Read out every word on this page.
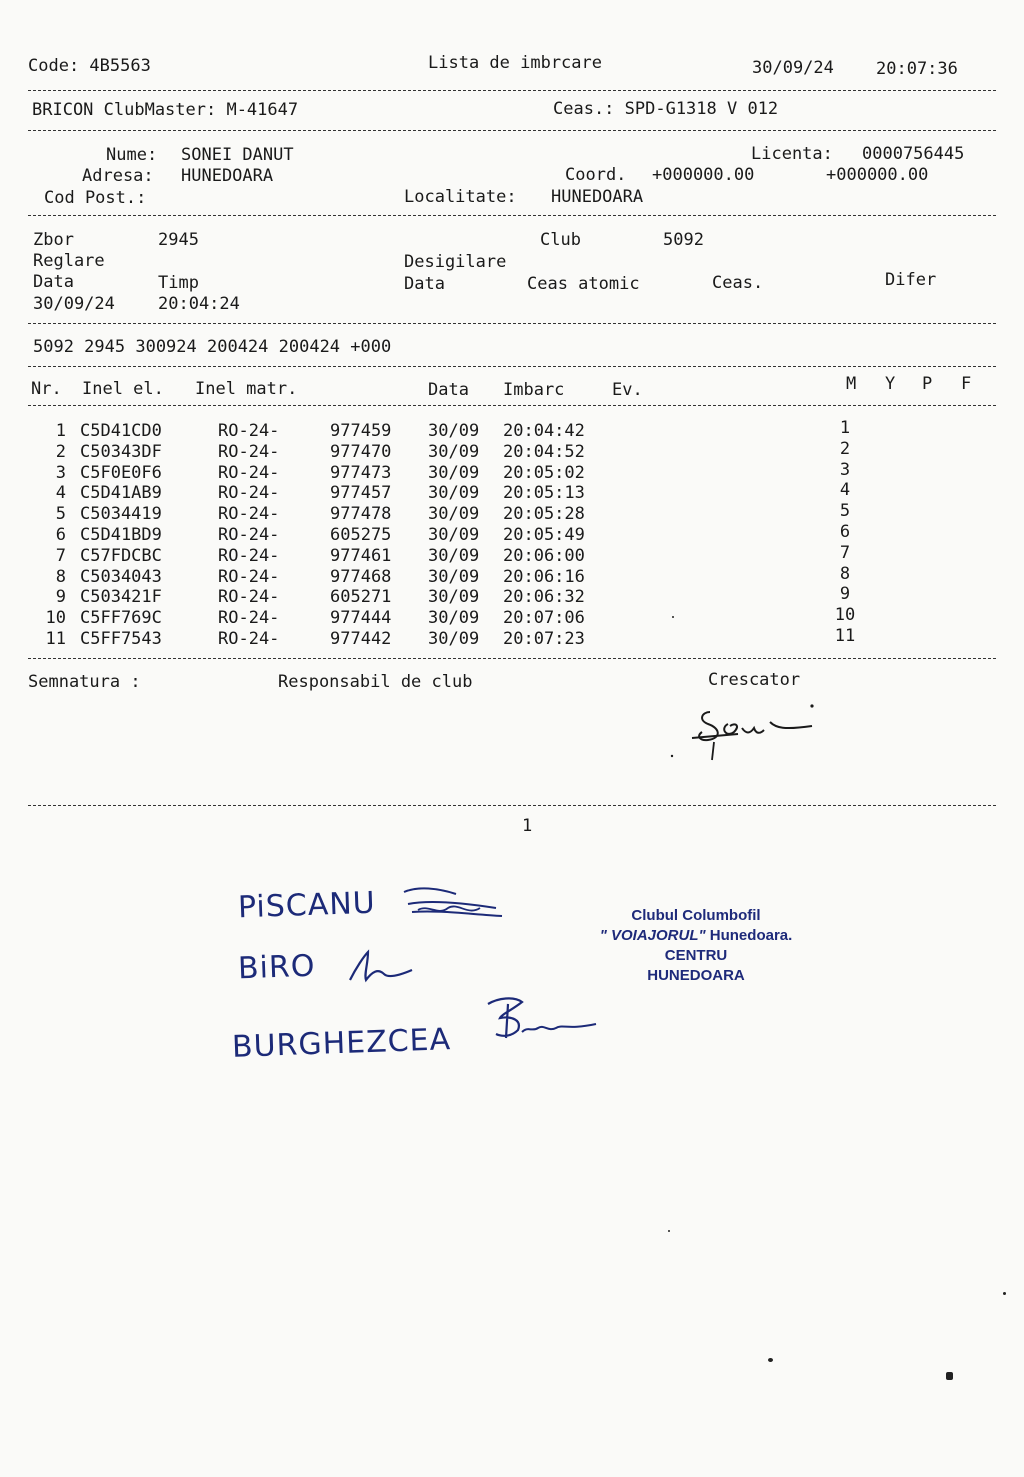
Code: 4B5563	Lista de imbrcare	30/09/24 20:07:36
BRICON ClubMaster: M-41647	Ceas.: SPD-G1318 V 012
Nume: SONEI DANUT	Licenta: 0000756445
Adresa: HUNEDOARA	Coord. +000000.00	+000000.00
Cod Post.:	Localitate: HUNEDOARA
Zbor	2945	Club	5092
Reglare	Desigilare
Data	Timp	Data	Ceas atomic	Ceas.	Difer
30/09/24	20:04:24
5092 2945 300924 200424 200424 +000
Nr. Inel el. Inel matr.	Data Imbarc	Ev.	M Y P F
1 C5D41CD0	RO-24-	977459 30/09 20:04:42	1
2 C50343DF	RO-24-	977470 30/09 20:04:52	2
3 C5F0E0F6	RO-24-	977473 30/09 20:05:02	3
4 C5D41AB9	RO-24-	977457 30/09 20:05:13	4
5 C5034419	RO-24-	977478 30/09 20:05:28	5
6 C5D41BD9	RO-24-	605275 30/09 20:05:49	6
7 C57FDCBC	RO-24-	977461 30/09 20:06:00	7
8 C5034043	RO-24-	977468 30/09 20:06:16	8
9 C503421F	RO-24-	605271 30/09 20:06:32	9
10 C5FF769C	RO-24-	977444 30/09 20:07:06	10
11 C5FF7543	RO-24-	977442 30/09 20:07:23	11
Semnatura :	Responsabil de club	Crescator
1
PiSCANU
BiRO
BURGHEZCEA
Clubul Columbofil
" VOIAJORUL" Hunedoara.
CENTRU
HUNEDOARA
